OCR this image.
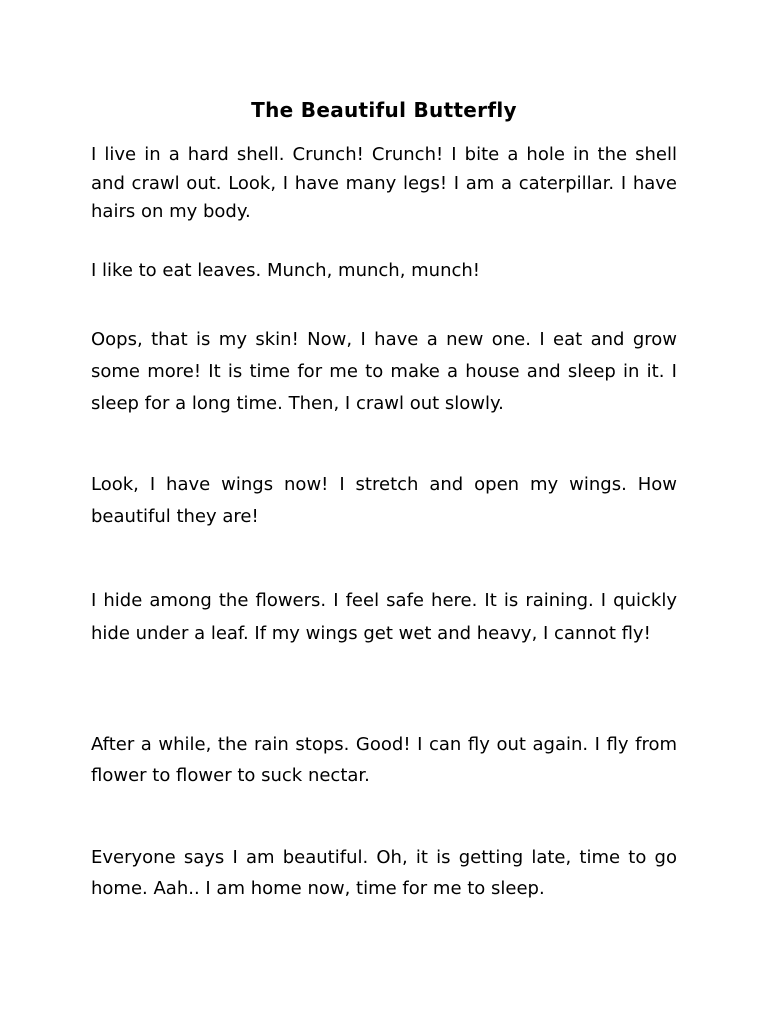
The Beautiful Butterfly

I live in a hard shell. Crunch! Crunch! I bite a hole in the shell and crawl out. Look, I have many legs! I am a caterpillar. I have hairs on my body.

I like to eat leaves. Munch, munch, munch!

Oops, that is my skin! Now, I have a new one. I eat and grow some more! It is time for me to make a house and sleep in it. I sleep for a long time. Then, I crawl out slowly.

Look, I have wings now! I stretch and open my wings. How beautiful they are!

I hide among the flowers. I feel safe here. It is raining. I quickly hide under a leaf. If my wings get wet and heavy, I cannot fly!

After a while, the rain stops. Good! I can fly out again. I fly from flower to flower to suck nectar.

Everyone says I am beautiful. Oh, it is getting late, time to go home. Aah.. I am home now, time for me to sleep.
